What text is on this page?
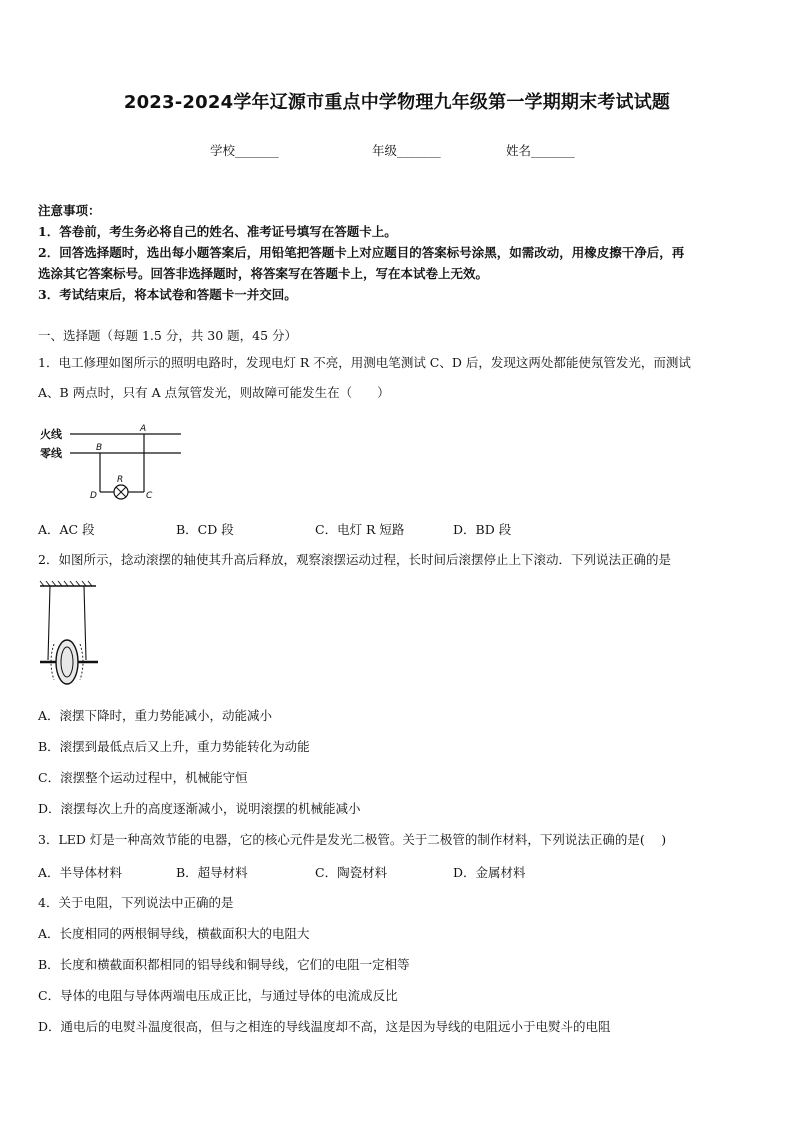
2023-2024学年辽源市重点中学物理九年级第一学期期末考试试题
学校_______	年级_______	姓名_______
注意事项：
1．答卷前，考生务必将自己的姓名、准考证号填写在答题卡上。
2．回答选择题时，选出每小题答案后，用铅笔把答题卡上对应题目的答案标号涂黑，如需改动，用橡皮擦干净后，再
选涂其它答案标号。回答非选择题时，将答案写在答题卡上，写在本试卷上无效。
3．考试结束后，将本试卷和答题卡一并交回。
一、选择题（每题 1.5 分，共 30 题，45 分）
1．电工修理如图所示的照明电路时，发现电灯 R 不亮，用测电笔测试 C、D 后，发现这两处都能使氖管发光，而测试
A、B 两点时，只有 A 点氖管发光，则故障可能发生在（　　）
火线
零线
A
B
D	C
R
A．AC 段	B．CD 段	C．电灯 R 短路	D．BD 段
2．如图所示，捻动滚摆的轴使其升高后释放，观察滚摆运动过程，长时间后滚摆停止上下滚动．下列说法正确的是
A．滚摆下降时，重力势能减小，动能减小
B．滚摆到最低点后又上升，重力势能转化为动能
C．滚摆整个运动过程中，机械能守恒
D．滚摆每次上升的高度逐渐减小，说明滚摆的机械能减小
3．LED 灯是一种高效节能的电器，它的核心元件是发光二极管。关于二极管的制作材料，下列说法正确的是(　 )
A．半导体材料	B．超导材料	C．陶瓷材料	D．金属材料
4．关于电阻，下列说法中正确的是
A．长度相同的两根铜导线，横截面积大的电阻大
B．长度和横截面积都相同的铝导线和铜导线，它们的电阻一定相等
C．导体的电阻与导体两端电压成正比，与通过导体的电流成反比
D．通电后的电熨斗温度很高，但与之相连的导线温度却不高，这是因为导线的电阻远小于电熨斗的电阻
